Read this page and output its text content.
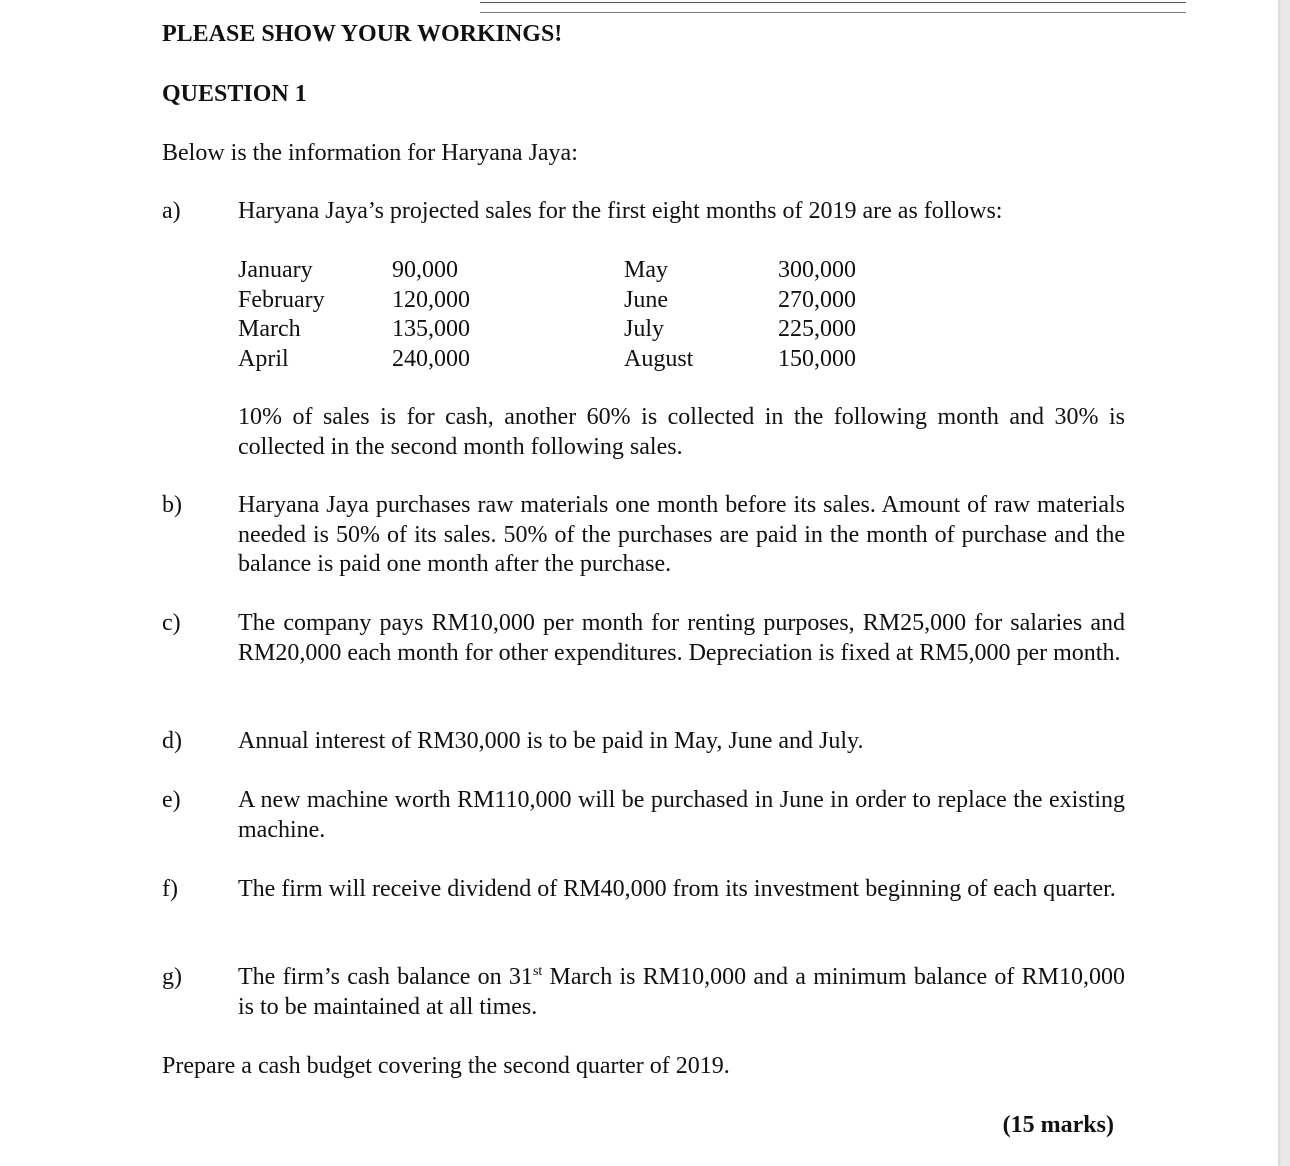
PLEASE SHOW YOUR WORKINGS!

QUESTION 1

Below is the information for Haryana Jaya:

a) Haryana Jaya’s projected sales for the first eight months of 2019 are as follows:

January	90,000	May	300,000
February	120,000	June	270,000
March	135,000	July	225,000
April	240,000	August	150,000

10% of sales is for cash, another 60% is collected in the following month and 30% is collected in the second month following sales.

b) Haryana Jaya purchases raw materials one month before its sales. Amount of raw materials needed is 50% of its sales. 50% of the purchases are paid in the month of purchase and the balance is paid one month after the purchase.

c) The company pays RM10,000 per month for renting purposes, RM25,000 for salaries and RM20,000 each month for other expenditures. Depreciation is fixed at RM5,000 per month.

d) Annual interest of RM30,000 is to be paid in May, June and July.

e) A new machine worth RM110,000 will be purchased in June in order to replace the existing machine.

f)	The firm will receive dividend of RM40,000 from its investment beginning of each quarter.

g) The firm’s cash balance on 31st March is RM10,000 and a minimum balance of RM10,000 is to be maintained at all times.

Prepare a cash budget covering the second quarter of 2019.

(15 marks)
